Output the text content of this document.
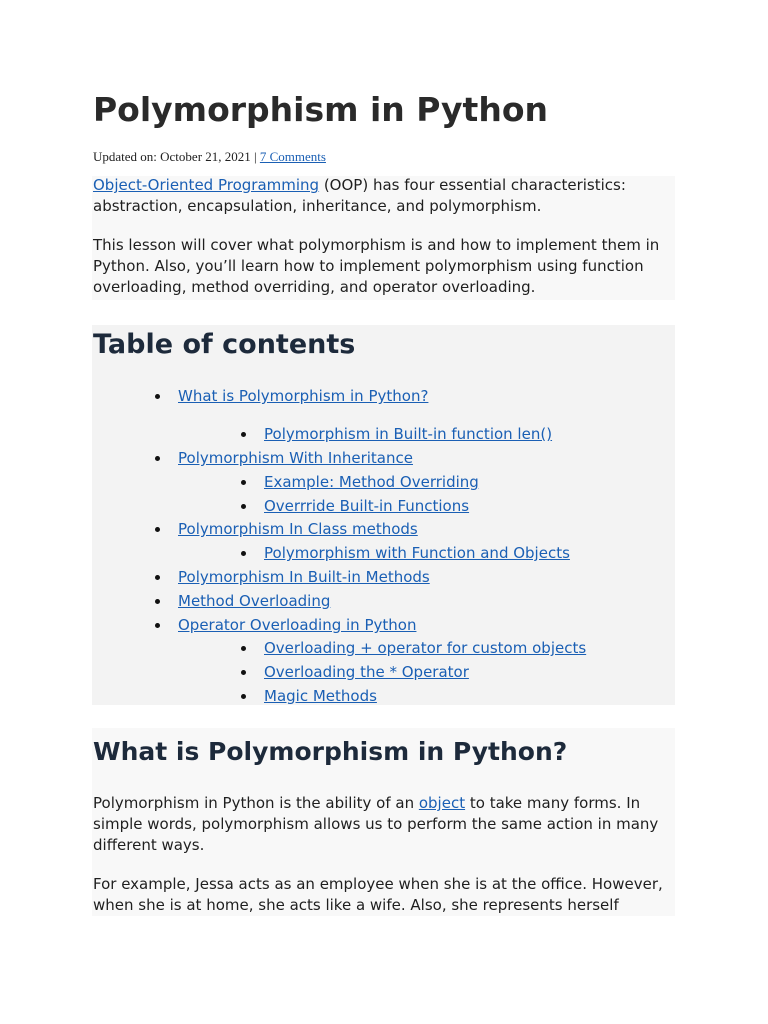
Polymorphism in Python
Updated on: October 21, 2021 | 7 Comments

Object-Oriented Programming (OOP) has four essential characteristics: abstraction, encapsulation, inheritance, and polymorphism.

This lesson will cover what polymorphism is and how to implement them in Python. Also, you’ll learn how to implement polymorphism using function overloading, method overriding, and operator overloading.

Table of contents
What is Polymorphism in Python?
Polymorphism in Built-in function len()
Polymorphism With Inheritance
Example: Method Overriding
Overrride Built-in Functions
Polymorphism In Class methods
Polymorphism with Function and Objects
Polymorphism In Built-in Methods
Method Overloading
Operator Overloading in Python
Overloading + operator for custom objects
Overloading the * Operator
Magic Methods
What is Polymorphism in Python?

Polymorphism in Python is the ability of an object to take many forms. In simple words, polymorphism allows us to perform the same action in many different ways.

For example, Jessa acts as an employee when she is at the office. However, when she is at home, she acts like a wife. Also, she represents herself
